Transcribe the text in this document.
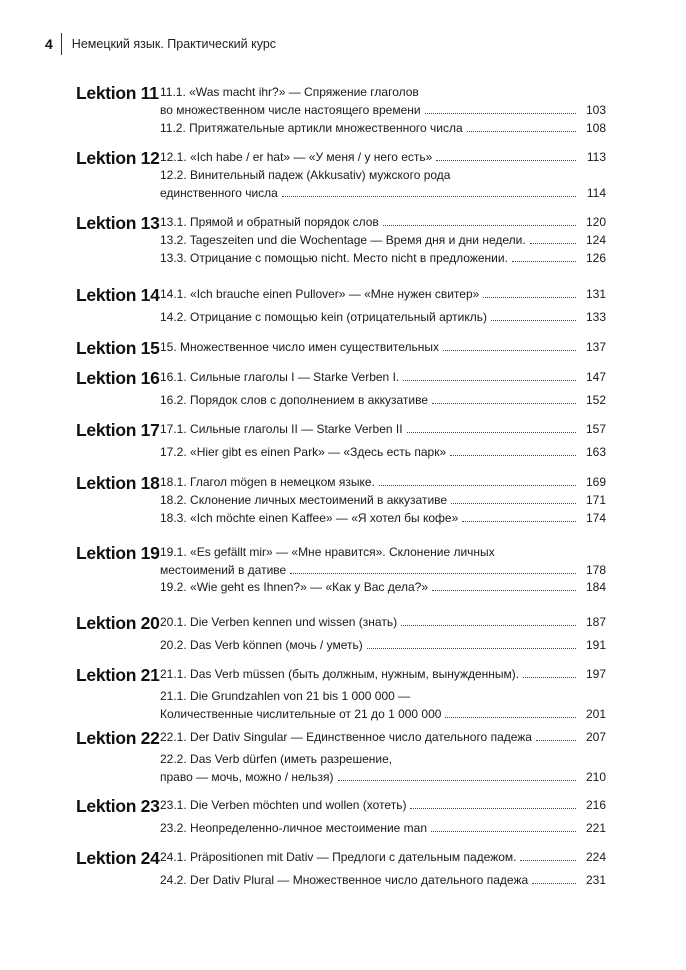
4	Немецкий язык. Практический курс
Lektion 11 11.1. «Was macht ihr?» — Спряжение глаголов
во множественном числе настоящего времени	103
11.2. Притяжательные артикли множественного числа	108
Lektion 12 12.1. «Ich habe / er hat» — «У меня / у него есть»	113
12.2. Винительный падеж (Akkusativ) мужского рода
единственного числа	114
Lektion 13 13.1. Прямой и обратный порядок слов	120
13.2. Tageszeiten und die Wochentage — Время дня и дни недели.	124
13.3. Отрицание с помощью nicht. Место nicht в предложении.	126
Lektion 14 14.1. «Ich brauche einen Pullover» — «Мне нужен свитер»	131
14.2. Отрицание с помощью kein (отрицательный артикль)	133
Lektion 15 15. Множественное число имен существительных	137
Lektion 16 16.1. Сильные глаголы I — Starke Verben I.	147
16.2. Порядок слов с дополнением в аккузативе	152
Lektion 17 17.1. Сильные глаголы II — Starke Verben II	157
17.2. «Hier gibt es einen Park» — «Здесь есть парк»	163
Lektion 18 18.1. Глагол mögen в немецком языке.	169
18.2. Склонение личных местоимений в аккузативе	171
18.3. «Ich möchte einen Kaffee» — «Я хотел бы кофе»	174
Lektion 19 19.1. «Es gefällt mir» — «Мне нравится». Склонение личных
местоимений в дативе	178
19.2. «Wie geht es Ihnen?» — «Как у Вас дела?»	184
Lektion 20 20.1. Die Verben kennen und wissen (знать)	187
20.2. Das Verb können (мочь / уметь)	191
Lektion 21 21.1. Das Verb müssen (быть должным, нужным, вынужденным).	197
21.1. Die Grundzahlen von 21 bis 1 000 000 —
Количественные числительные от 21 до 1 000 000	201
Lektion 22 22.1. Der Dativ Singular — Единственное число дательного падежа	207
22.2. Das Verb dürfen (иметь разрешение,
право — мочь, можно / нельзя)	210
Lektion 23 23.1. Die Verben möchten und wollen (хотеть)	216
23.2. Неопределенно-личное местоимение man	221
Lektion 24 24.1. Präpositionen mit Dativ — Предлоги с дательным падежом.	224
24.2. Der Dativ Plural — Множественное число дательного падежа	231
